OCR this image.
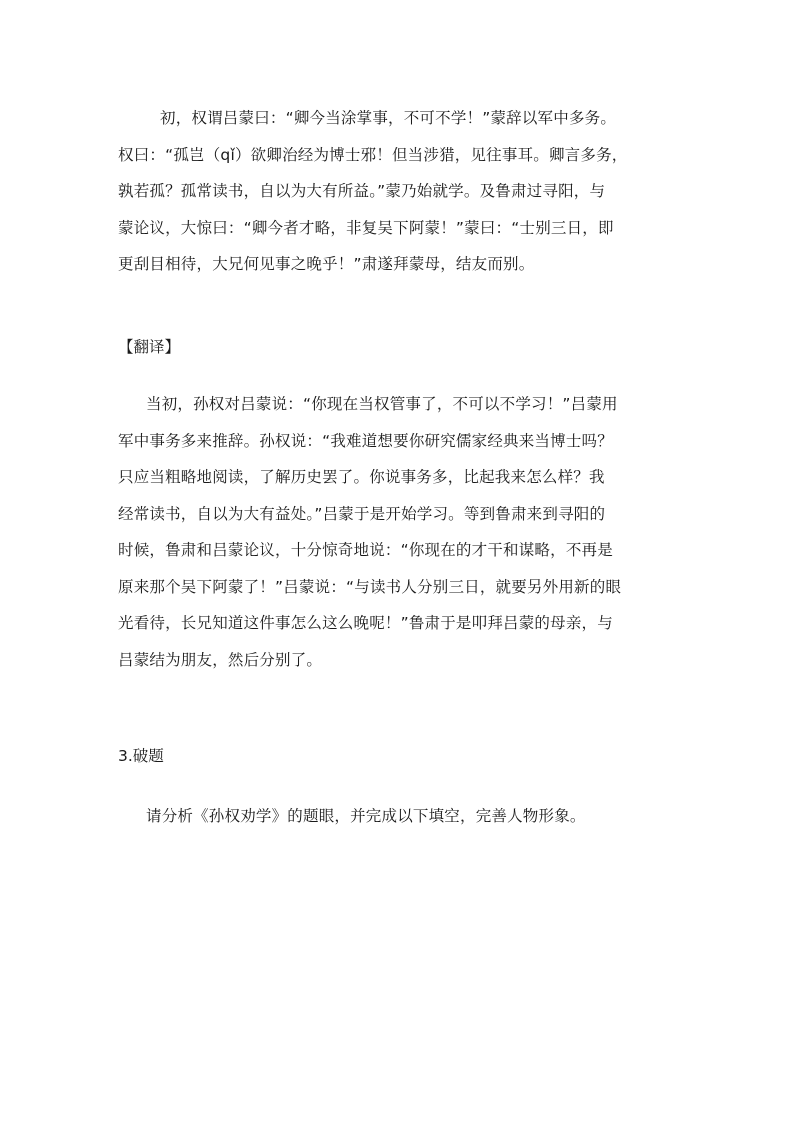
初，权谓吕蒙曰：“卿今当涂掌事，不可不学！”蒙辞以军中多务。
权曰：“孤岂（qǐ）欲卿治经为博士邪！但当涉猎，见往事耳。卿言多务，
孰若孤？孤常读书，自以为大有所益。”蒙乃始就学。及鲁肃过寻阳，与
蒙论议，大惊曰：“卿今者才略，非复吴下阿蒙！”蒙曰：“士别三日，即
更刮目相待，大兄何见事之晚乎！”肃遂拜蒙母，结友而别。
【翻译】
当初，孙权对吕蒙说：“你现在当权管事了，不可以不学习！”吕蒙用
军中事务多来推辞。孙权说：“我难道想要你研究儒家经典来当博士吗？
只应当粗略地阅读，了解历史罢了。你说事务多，比起我来怎么样？我
经常读书，自以为大有益处。”吕蒙于是开始学习。等到鲁肃来到寻阳的
时候，鲁肃和吕蒙论议，十分惊奇地说：“你现在的才干和谋略，不再是
原来那个吴下阿蒙了！”吕蒙说：“与读书人分别三日，就要另外用新的眼
光看待，长兄知道这件事怎么这么晚呢！”鲁肃于是叩拜吕蒙的母亲，与
吕蒙结为朋友，然后分别了。
3.破题
请分析《孙权劝学》的题眼，并完成以下填空，完善人物形象。
